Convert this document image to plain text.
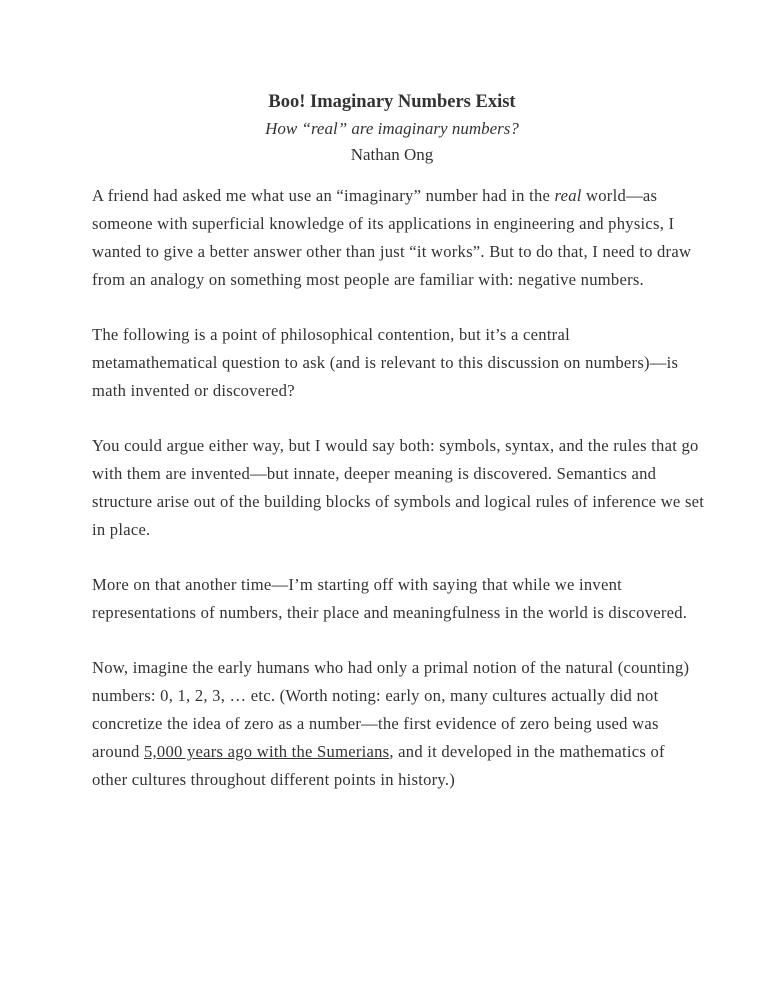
Boo! Imaginary Numbers Exist
How “real” are imaginary numbers?
Nathan Ong

A friend had asked me what use an “imaginary” number had in the real world—as
someone with superficial knowledge of its applications in engineering and physics, I
wanted to give a better answer other than just “it works”. But to do that, I need to draw
from an analogy on something most people are familiar with: negative numbers.

The following is a point of philosophical contention, but it’s a central
metamathematical question to ask (and is relevant to this discussion on numbers)—is
math invented or discovered?

You could argue either way, but I would say both: symbols, syntax, and the rules that go
with them are invented—but innate, deeper meaning is discovered. Semantics and
structure arise out of the building blocks of symbols and logical rules of inference we set
in place.

More on that another time—I’m starting off with saying that while we invent
representations of numbers, their place and meaningfulness in the world is discovered.

Now, imagine the early humans who had only a primal notion of the natural (counting)
numbers: 0, 1, 2, 3, … etc. (Worth noting: early on, many cultures actually did not
concretize the idea of zero as a number—the first evidence of zero being used was
around 5,000 years ago with the Sumerians, and it developed in the mathematics of
other cultures throughout different points in history.)
